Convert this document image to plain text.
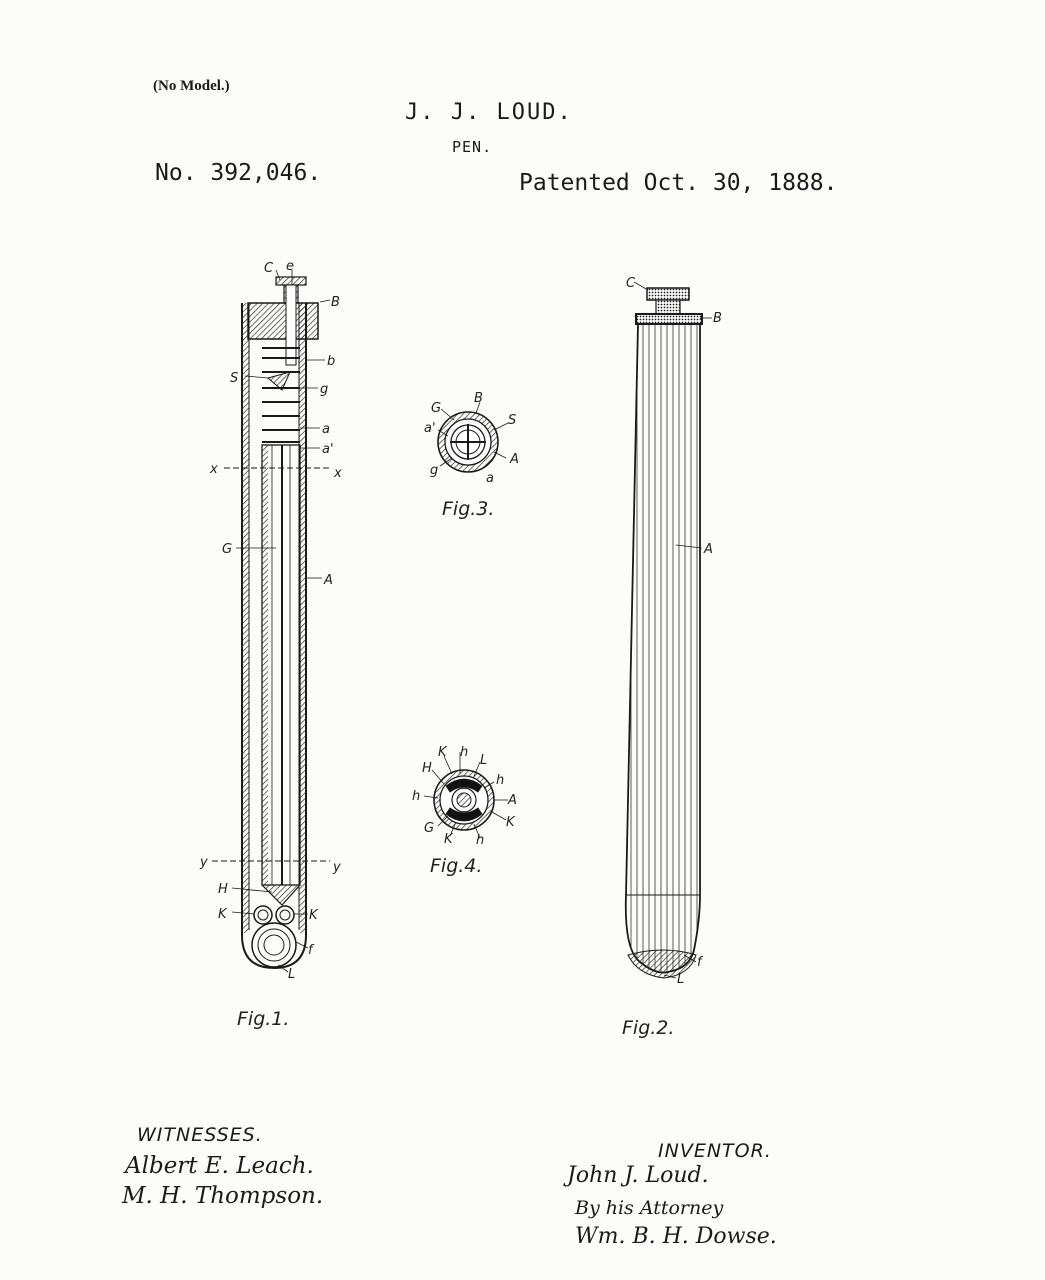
(No Model.)
J. J. LOUD.
PEN.
No. 392,046.	Patented Oct. 30, 1888.
C e
B
b
S
g
a
a'
x	x
G
A
y	y
H
K	K
f
L
Fig.1.
C
B
A
f
L
Fig.2.
G
B
S
a'
A
g
a
Fig.3.
K h
L
H
h
h	A
K
G
K h
Fig.4.
WITNESSES.
Albert E. Leach.
M. H. Thompson.
INVENTOR.
John J. Loud.
By his Attorney
Wm. B. H. Dowse.
